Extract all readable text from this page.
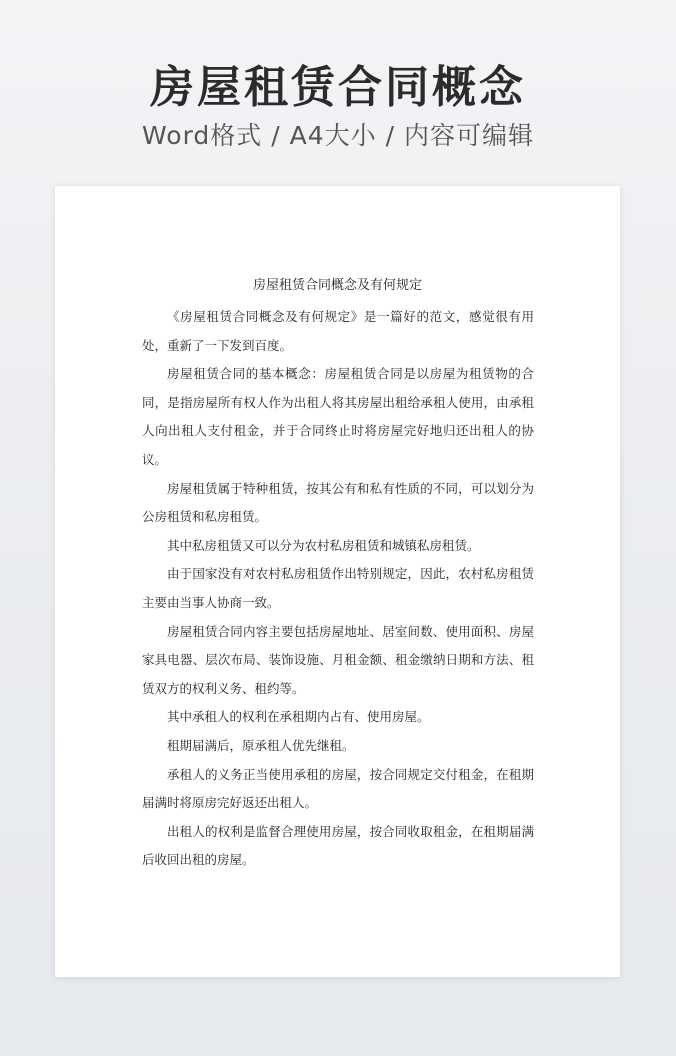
房屋租赁合同概念
Word格式 / A4大小 / 内容可编辑
房屋租赁合同概念及有何规定

《房屋租赁合同概念及有何规定》是一篇好的范文，感觉很有用处，重新了一下发到百度。

房屋租赁合同的基本概念：房屋租赁合同是以房屋为租赁物的合同，是指房屋所有权人作为出租人将其房屋出租给承租人使用，由承租人向出租人支付租金，并于合同终止时将房屋完好地归还出租人的协议。

房屋租赁属于特种租赁，按其公有和私有性质的不同，可以划分为公房租赁和私房租赁。

其中私房租赁又可以分为农村私房租赁和城镇私房租赁。

由于国家没有对农村私房租赁作出特别规定，因此，农村私房租赁主要由当事人协商一致。

房屋租赁合同内容主要包括房屋地址、居室间数、使用面积、房屋家具电器、层次布局、装饰设施、月租金额、租金缴纳日期和方法、租赁双方的权利义务、租约等。

其中承租人的权利在承租期内占有、使用房屋。

租期届满后，原承租人优先继租。

承租人的义务正当使用承租的房屋，按合同规定交付租金，在租期届满时将原房完好返还出租人。

出租人的权利是监督合理使用房屋，按合同收取租金，在租期届满后收回出租的房屋。
